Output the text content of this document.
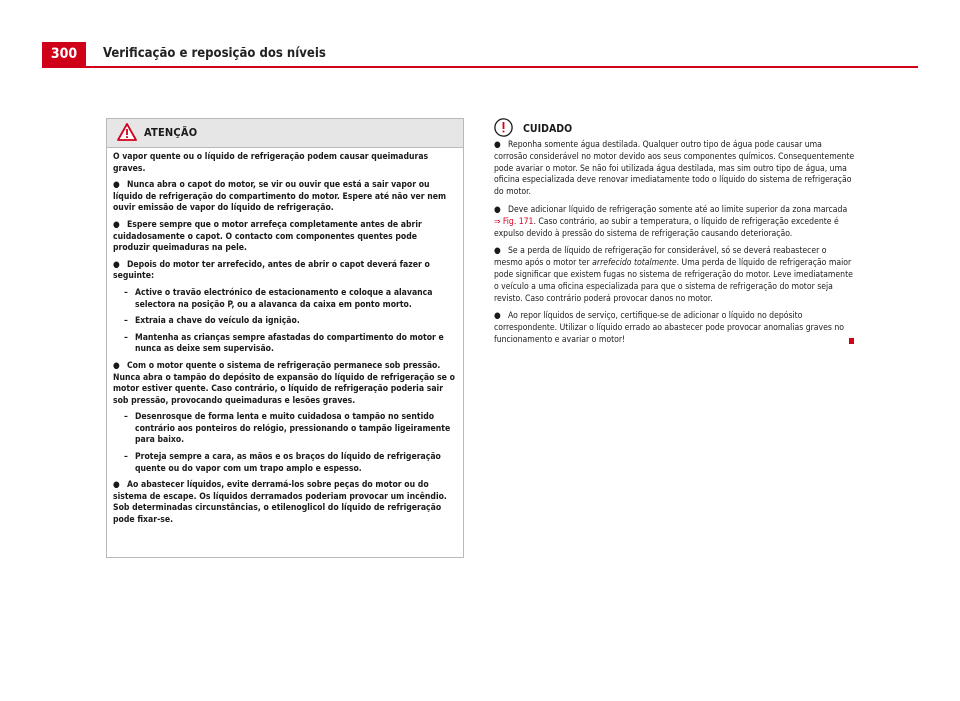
300	Verificação e reposição dos níveis
ATENÇÃO

O vapor quente ou o líquido de refrigeração podem causar queimaduras graves.

● Nunca abra o capot do motor, se vir ou ouvir que está a sair vapor ou líquido de refrigeração do compartimento do motor. Espere até não ver nem ouvir emissão de vapor do líquido de refrigeração.

● Espere sempre que o motor arrefeça completamente antes de abrir cuidadosamente o capot. O contacto com componentes quentes pode produzir queimaduras na pele.

● Depois do motor ter arrefecido, antes de abrir o capot deverá fazer o seguinte:

– Active o travão electrónico de estacionamento e coloque a alavanca selectora na posição P, ou a alavanca da caixa em ponto morto.

– Extraia a chave do veículo da ignição.

– Mantenha as crianças sempre afastadas do compartimento do motor e nunca as deixe sem supervisão.

● Com o motor quente o sistema de refrigeração permanece sob pressão. Nunca abra o tampão do depósito de expansão do líquido de refrigeração se o motor estiver quente. Caso contrário, o líquido de refrigeração poderia sair sob pressão, provocando queimaduras e lesões graves.

– Desenrosque de forma lenta e muito cuidadosa o tampão no sentido contrário aos ponteiros do relógio, pressionando o tampão ligeiramente para baixo.

– Proteja sempre a cara, as mãos e os braços do líquido de refrigeração quente ou do vapor com um trapo amplo e espesso.

● Ao abastecer líquidos, evite derramá-los sobre peças do motor ou do sistema de escape. Os líquidos derramados poderiam provocar um incêndio. Sob determinadas circunstâncias, o etilenoglicol do líquido de refrigeração pode fixar-se.

CUIDADO

● Reponha somente água destilada. Qualquer outro tipo de água pode causar uma corrosão considerável no motor devido aos seus componentes químicos. Consequentemente pode avariar o motor. Se não foi utilizada água destilada, mas sim outro tipo de água, uma oficina especializada deve renovar imediatamente todo o líquido do sistema de refrigeração do motor.

● Deve adicionar líquido de refrigeração somente até ao limite superior da zona marcada ⇒ Fig. 171. Caso contrário, ao subir a temperatura, o líquido de refrigeração excedente é expulso devido à pressão do sistema de refrigeração causando deterioração.

● Se a perda de líquido de refrigeração for considerável, só se deverá reabastecer o mesmo após o motor ter arrefecido totalmente. Uma perda de líquido de refrigeração maior pode significar que existem fugas no sistema de refrigeração do motor. Leve imediatamente o veículo a uma oficina especializada para que o sistema de refrigeração do motor seja revisto. Caso contrário poderá provocar danos no motor.

● Ao repor líquidos de serviço, certifique-se de adicionar o líquido no depósito correspondente. Utilizar o líquido errado ao abastecer pode provocar anomalias graves no funcionamento e avariar o motor!
